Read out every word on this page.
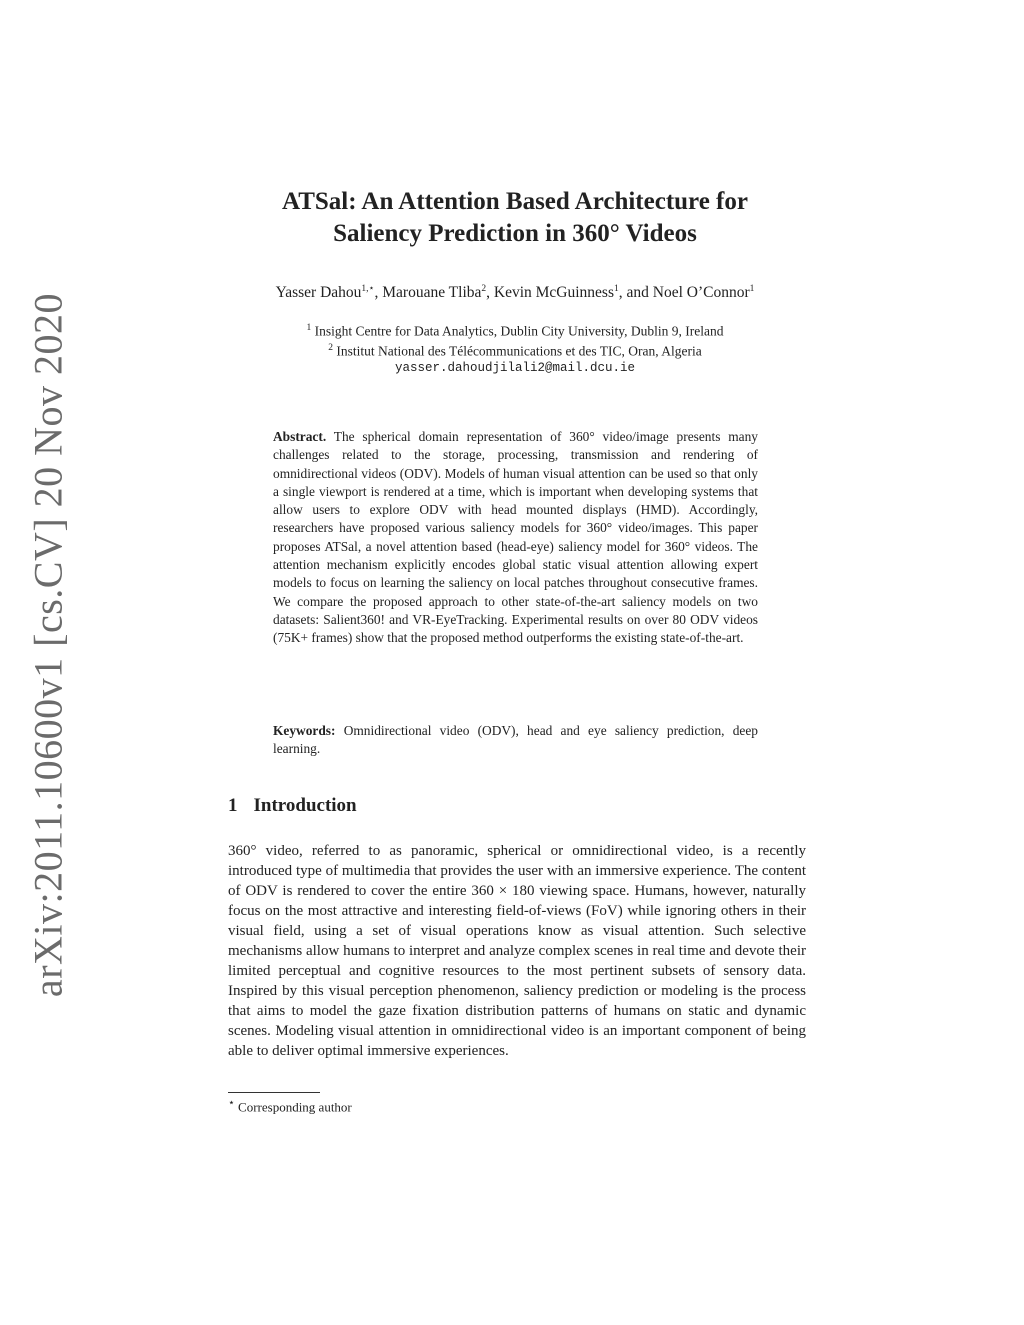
arXiv:2011.10600v1 [cs.CV] 20 Nov 2020
ATSal: An Attention Based Architecture for
Saliency Prediction in 360° Videos
Yasser Dahou$^{1,⋆}$, Marouane Tliba$^2$, Kevin McGuinness$^1$, and Noel O’Connor$^1$
$^1$ Insight Centre for Data Analytics, Dublin City University, Dublin 9, Ireland
$^2$ Institut National des Télécommunications et des TIC, Oran, Algeria
yasser.dahoudjilali2@mail.dcu.ie
Abstract. The spherical domain representation of 360° video/image presents many challenges related to the storage, processing, transmission and rendering of omnidirectional videos (ODV). Models of human visual attention can be used so that only a single viewport is rendered at a time, which is important when developing systems that allow users to explore ODV with head mounted displays (HMD). Accordingly, researchers have proposed various saliency models for 360° video/images. This paper proposes ATSal, a novel attention based (head-eye) saliency model for 360° videos. The attention mechanism explicitly encodes global static visual attention allowing expert models to focus on learning the saliency on local patches throughout consecutive frames. We compare the proposed approach to other state-of-the-art saliency models on two datasets: Salient360! and VR-EyeTracking. Experimental results on over 80 ODV videos (75K+ frames) show that the proposed method outperforms the existing state-of-the-art.
Keywords: Omnidirectional video (ODV), head and eye saliency prediction, deep learning.
1 Introduction
360° video, referred to as panoramic, spherical or omnidirectional video, is a recently introduced type of multimedia that provides the user with an immersive experience. The content of ODV is rendered to cover the entire 360 × 180 viewing space. Humans, however, naturally focus on the most attractive and interesting field-of-views (FoV) while ignoring others in their visual field, using a set of visual operations know as visual attention. Such selective mechanisms allow humans to interpret and analyze complex scenes in real time and devote their limited perceptual and cognitive resources to the most pertinent subsets of sensory data. Inspired by this visual perception phenomenon, saliency prediction or modeling is the process that aims to model the gaze fixation distribution patterns of humans on static and dynamic scenes. Modeling visual attention in omnidirectional video is an important component of being able to deliver optimal immersive experiences.
⋆ Corresponding author
